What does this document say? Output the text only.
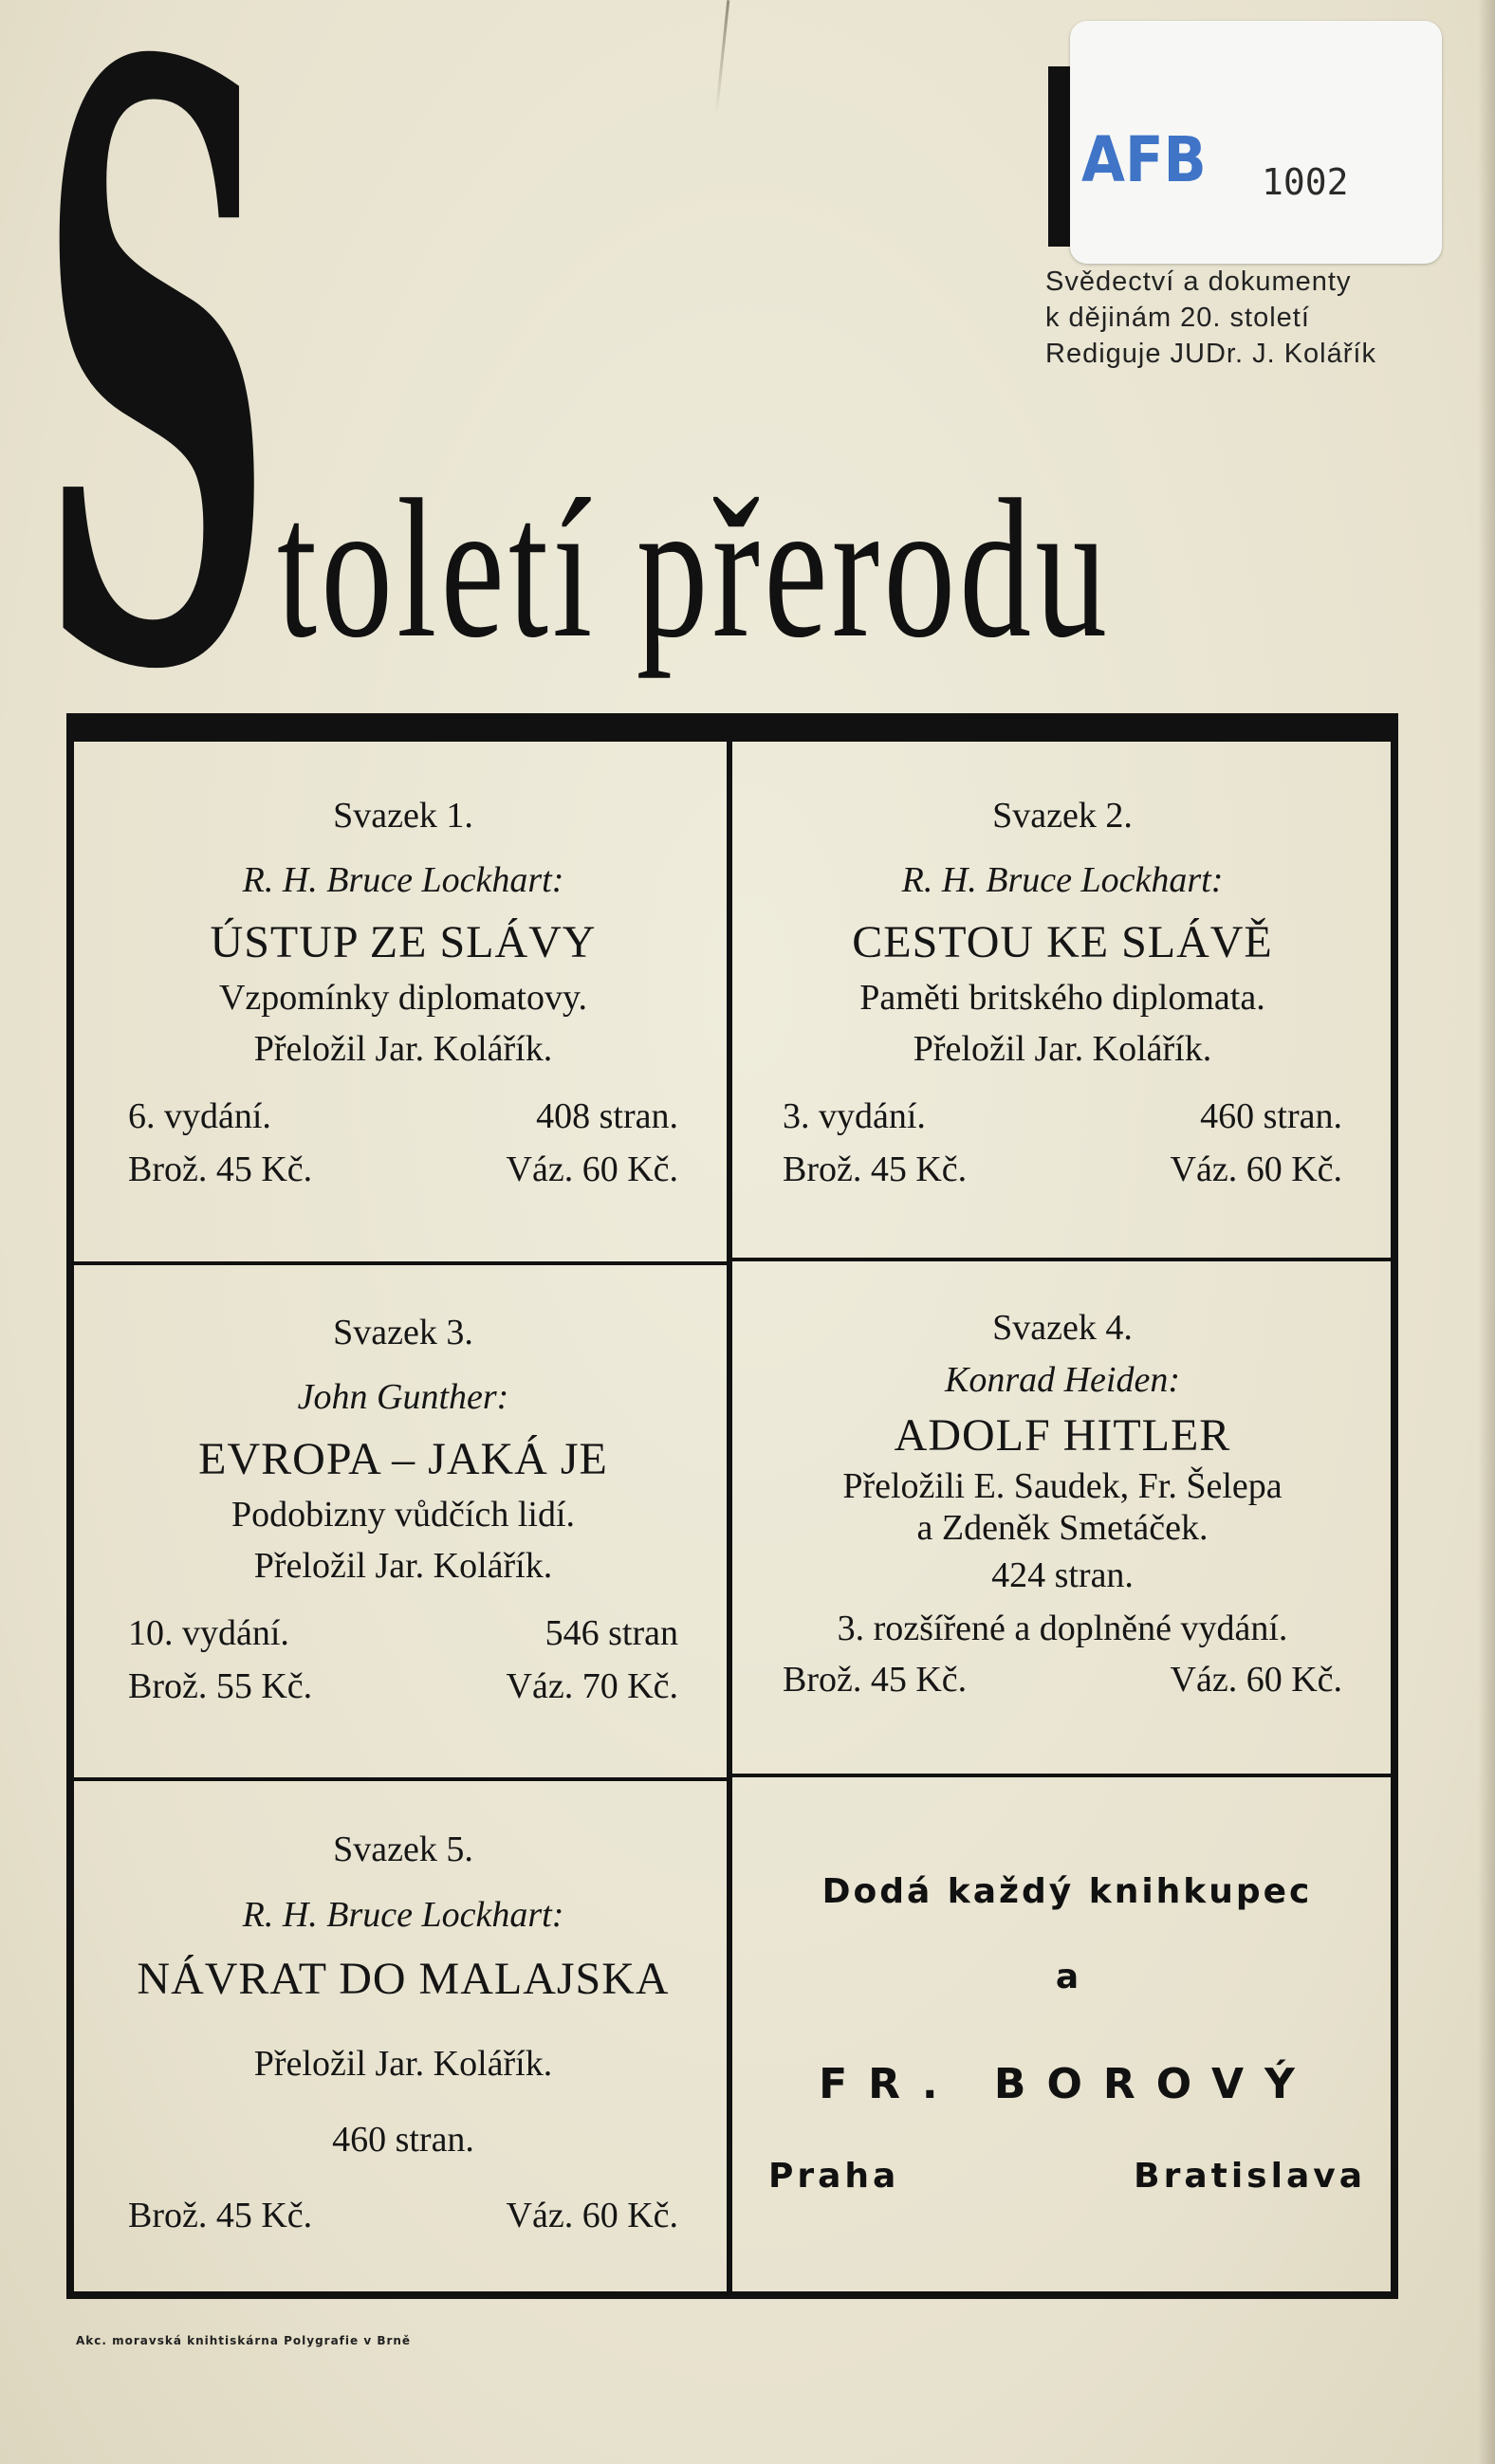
S toletí přerodu
AFB 1002
Svědectví a dokumenty
k dějinám 20. století
Rediguje JUDr. J. Kolářík
Svazek 1.
R. H. Bruce Lockhart:
ÚSTUP ZE SLÁVY
Vzpomínky diplomatovy.
Přeložil Jar. Kolářík.
6. vydání.	408 stran.
Brož. 45 Kč.	Váz. 60 Kč.
Svazek 2.
R. H. Bruce Lockhart:
CESTOU KE SLÁVĚ
Paměti britského diplomata.
Přeložil Jar. Kolářík.
3. vydání.	460 stran.
Brož. 45 Kč.	Váz. 60 Kč.
Svazek 3.
John Gunther:
EVROPA – JAKÁ JE
Podobizny vůdčích lidí.
Přeložil Jar. Kolářík.
10. vydání.	546 stran
Brož. 55 Kč.	Váz. 70 Kč.
Svazek 4.
Konrad Heiden:
ADOLF HITLER
Přeložili E. Saudek, Fr. Šelepa
a Zdeněk Smetáček.
424 stran.
3. rozšířené a doplněné vydání.
Brož. 45 Kč.	Váz. 60 Kč.
Svazek 5.
R. H. Bruce Lockhart:
NÁVRAT DO MALAJSKA
Přeložil Jar. Kolářík.
460 stran.
Brož. 45 Kč.	Váz. 60 Kč.
Dodá každý knihkupec
a
FR. BOROVÝ
Praha	Bratislava
Akc. moravská knihtiskárna Polygrafie v Brně
